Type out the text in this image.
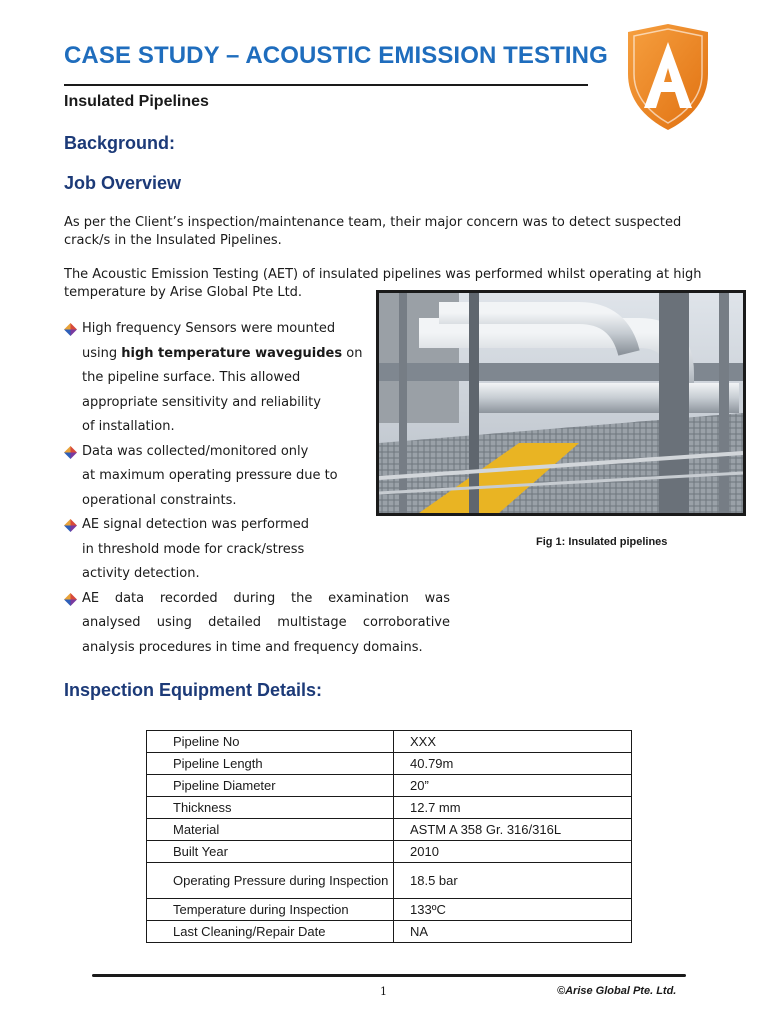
CASE STUDY – ACOUSTIC EMISSION TESTING
Insulated Pipelines
Background:
Job Overview
As per the Client’s inspection/maintenance team, their major concern was to detect suspected
crack/s in the Insulated Pipelines.
The Acoustic Emission Testing (AET) of insulated pipelines was performed whilst operating at high
temperature by Arise Global Pte Ltd.
High frequency Sensors were mounted
using high temperature waveguides on
the pipeline surface. This allowed
appropriate sensitivity and reliability
of installation.
Data was collected/monitored only
at maximum operating pressure due to
operational constraints.
AE signal detection was performed
in threshold mode for crack/stress
activity detection.
AE data recorded during the examination was
analysed using detailed multistage corroborative
analysis procedures in time and frequency domains.
Fig 1: Insulated pipelines
Inspection Equipment Details:
Pipeline No	XXX
Pipeline Length	40.79m
Pipeline Diameter	20”
Thickness	12.7 mm
Material	ASTM A 358 Gr. 316/316L
Built Year	2010
Operating Pressure during Inspection	18.5 bar
Temperature during Inspection	133ºC
Last Cleaning/Repair Date	NA
1	©Arise Global Pte. Ltd.
